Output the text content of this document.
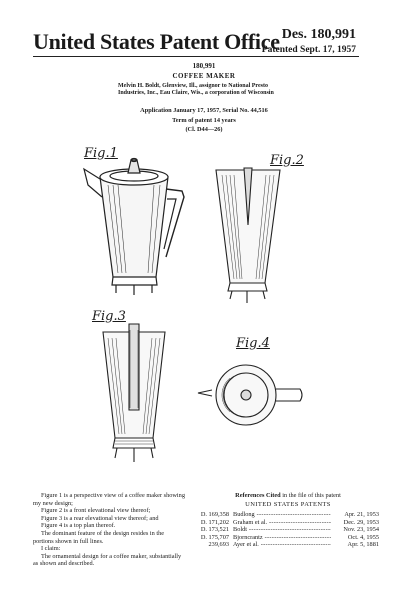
United States Patent Office Des. 180,991
Patented Sept. 17, 1957
180,991
COFFEE MAKER
Melvin H. Boldt, Glenview, Ill., assignor to National Presto Industries, Inc., Eau Claire, Wis., a corporation of Wisconsin
Application January 17, 1957, Serial No. 44,516
Term of patent 14 years
(Cl. D44—26)
Fig.1	Fig.2
Fig.3
Fig.4

Figure 1 is a perspective view of a coffee maker showing my new design;

Figure 2 is a front elevational view thereof;

Figure 3 is a rear elevational view thereof; and

Figure 4 is a top plan thereof.

The dominant feature of the design resides in the portions shown in full lines.

I claim:

The ornamental design for a coffee maker, substantially as shown and described.

References Cited in the file of this patent
UNITED STATES PATENTS
D. 169,358 Budlong -----	Apr. 21, 1953
D. 171,202 Graham et al. -----	Dec. 29, 1953
D. 173,521 Boldt -----	Nov. 23, 1954
D. 175,707 Bjorncrantz -----	Oct. 4, 1955
239,693 Ayer et al. -----	Apr. 5, 1881
